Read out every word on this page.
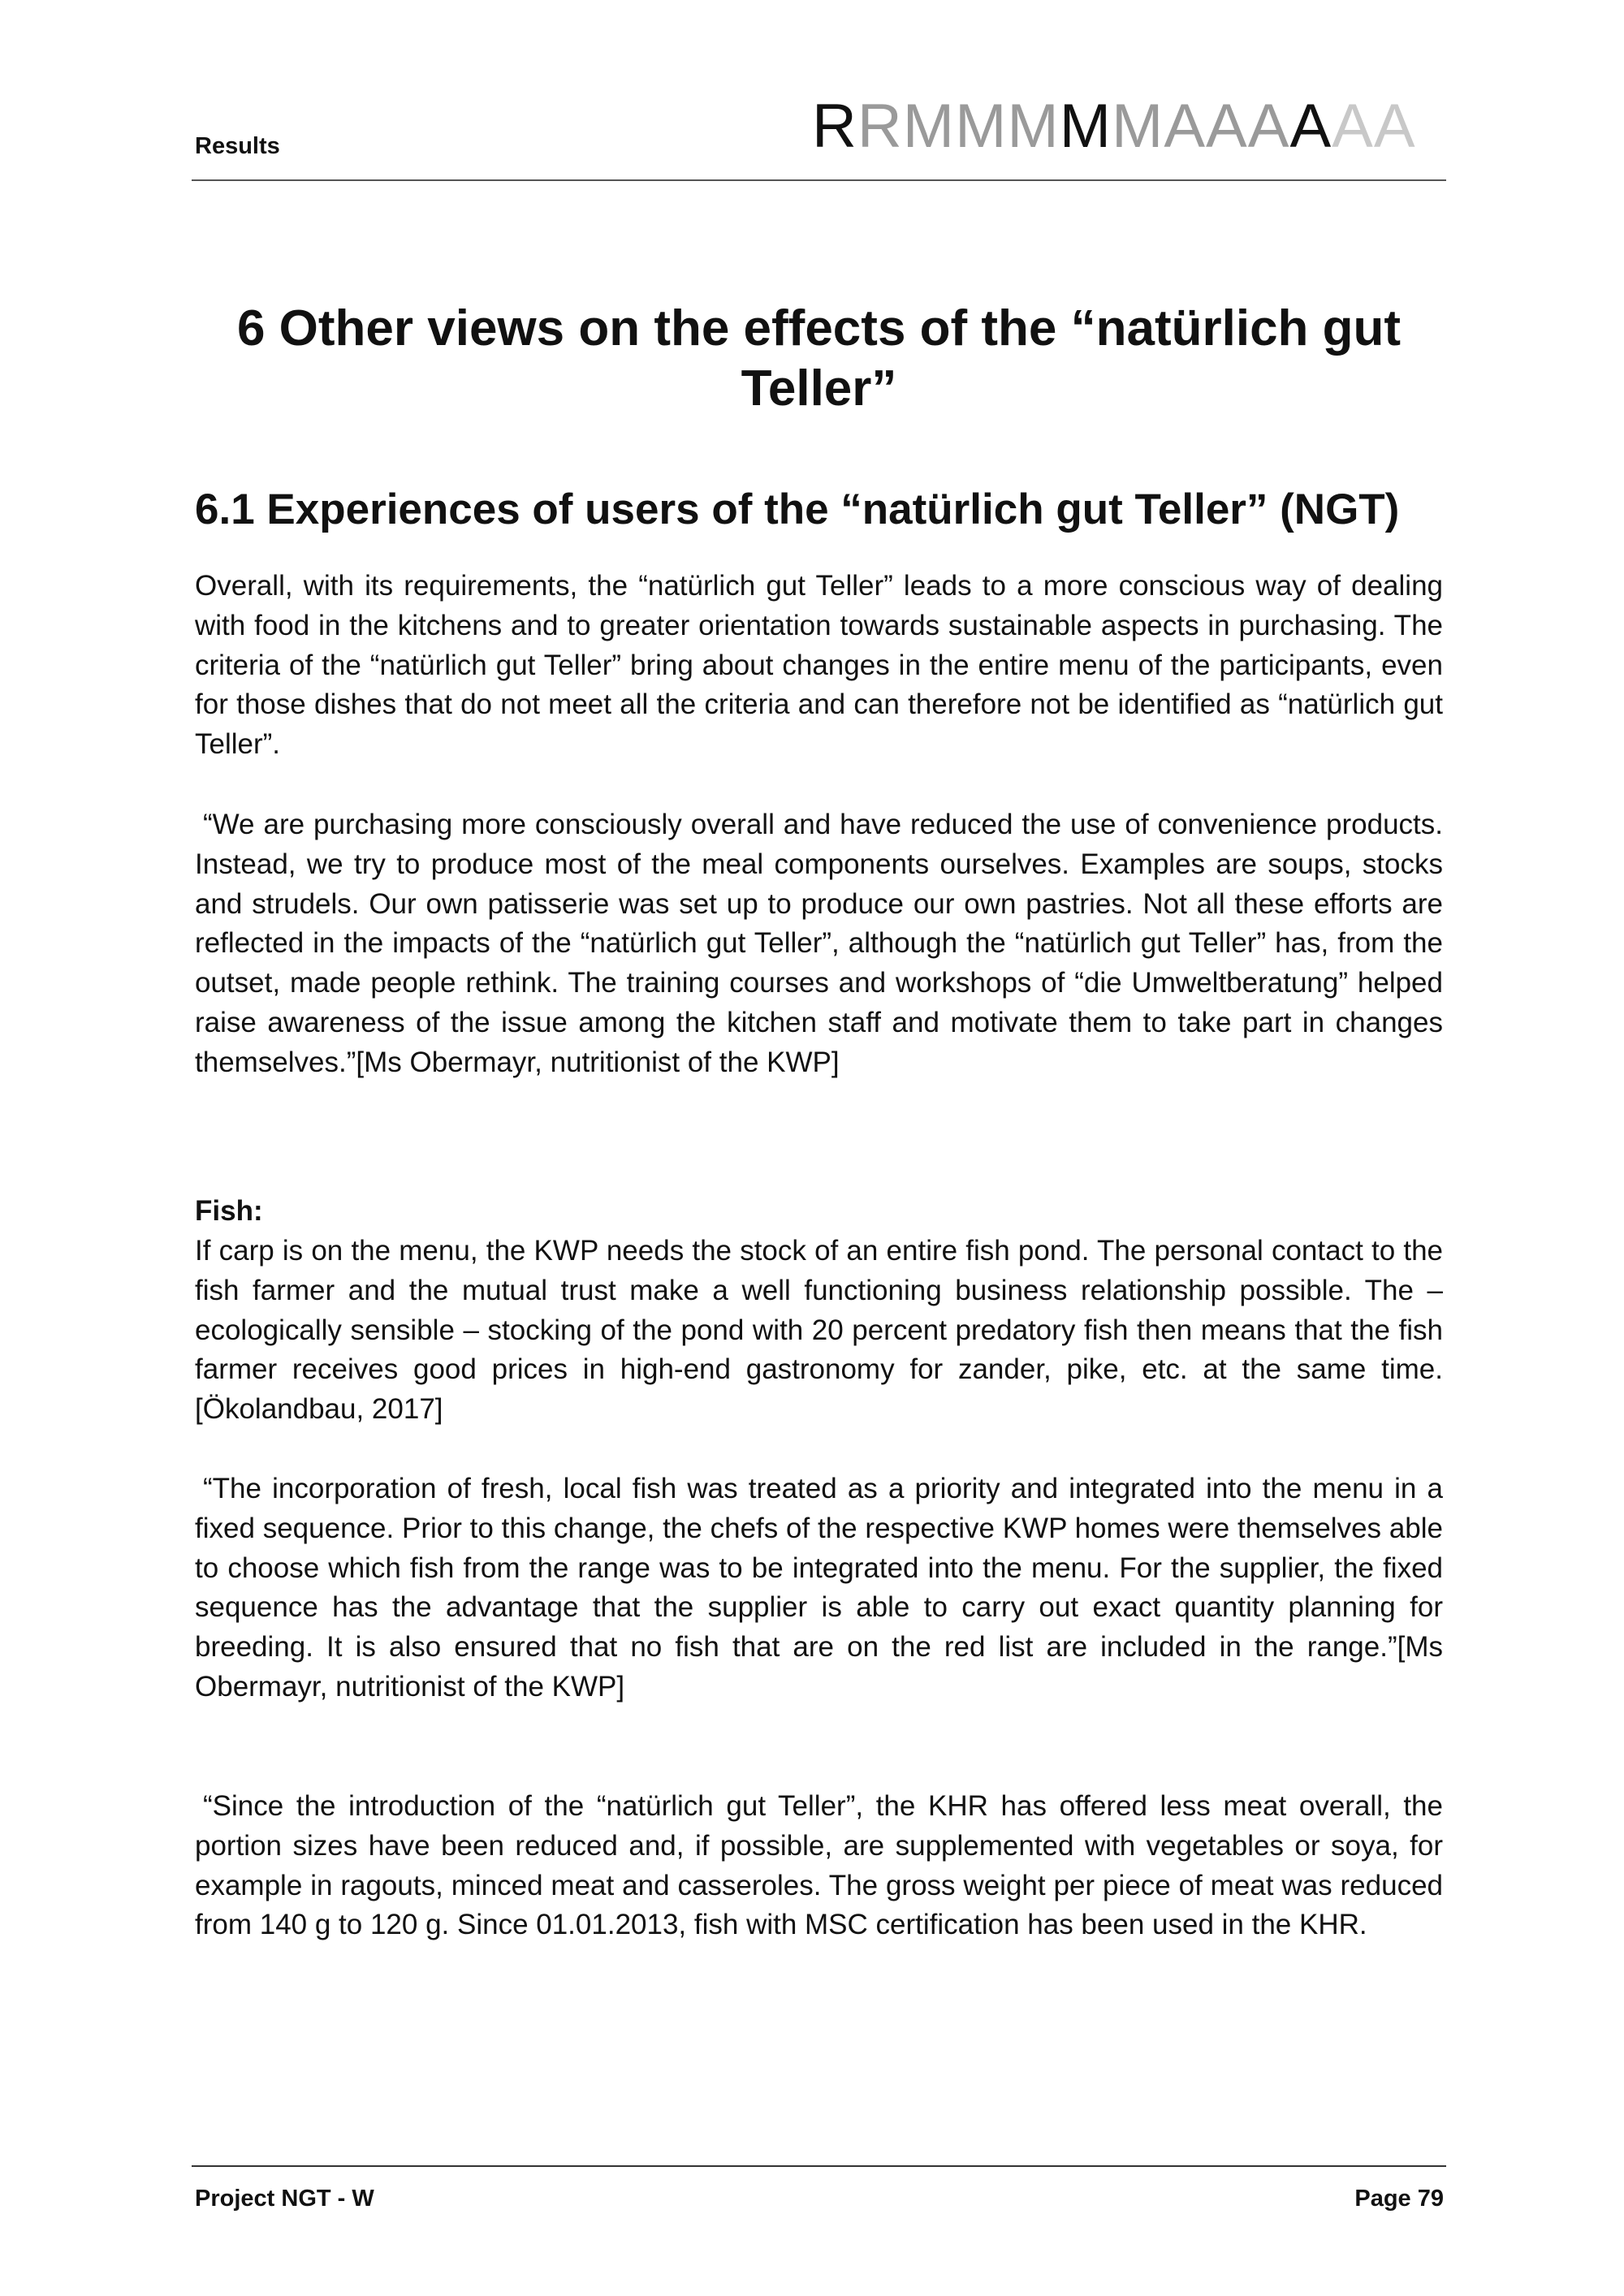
Results	RRMMMMMAAAAAA
6 Other views on the effects of the “natürlich gut Teller”
6.1 Experiences of users of the “natürlich gut Teller” (NGT)
Overall, with its requirements, the “natürlich gut Teller” leads to a more conscious way of dealing with food in the kitchens and to greater orientation towards sustainable aspects in purchasing. The criteria of the “natürlich gut Teller” bring about changes in the entire menu of the participants, even for those dishes that do not meet all the criteria and can therefore not be identified as “natürlich gut Teller”.
“We are purchasing more consciously overall and have reduced the use of convenience products. Instead, we try to produce most of the meal components ourselves. Examples are soups, stocks and strudels. Our own patisserie was set up to produce our own pastries. Not all these efforts are reflected in the impacts of the “natürlich gut Teller”, although the “natürlich gut Teller” has, from the outset, made people rethink. The training courses and workshops of “die Umweltberatung” helped raise awareness of the issue among the kitchen staff and motivate them to take part in changes themselves.”[Ms Obermayr, nutritionist of the KWP]
Fish:
If carp is on the menu, the KWP needs the stock of an entire fish pond. The personal contact to the fish farmer and the mutual trust make a well functioning business relationship possible. The – ecologically sensible – stocking of the pond with 20 percent predatory fish then means that the fish farmer receives good prices in high-end gastronomy for zander, pike, etc. at the same time. [Ökolandbau, 2017]
“The incorporation of fresh, local fish was treated as a priority and integrated into the menu in a fixed sequence. Prior to this change, the chefs of the respective KWP homes were themselves able to choose which fish from the range was to be integrated into the menu. For the supplier, the fixed sequence has the advantage that the supplier is able to carry out exact quantity planning for breeding. It is also ensured that no fish that are on the red list are included in the range.”[Ms Obermayr, nutritionist of the KWP]
“Since the introduction of the “natürlich gut Teller”, the KHR has offered less meat overall, the portion sizes have been reduced and, if possible, are supplemented with vegetables or soya, for example in ragouts, minced meat and casseroles. The gross weight per piece of meat was reduced from 140 g to 120 g. Since 01.01.2013, fish with MSC certification has been used in the KHR.
Project NGT - W	Page 79
